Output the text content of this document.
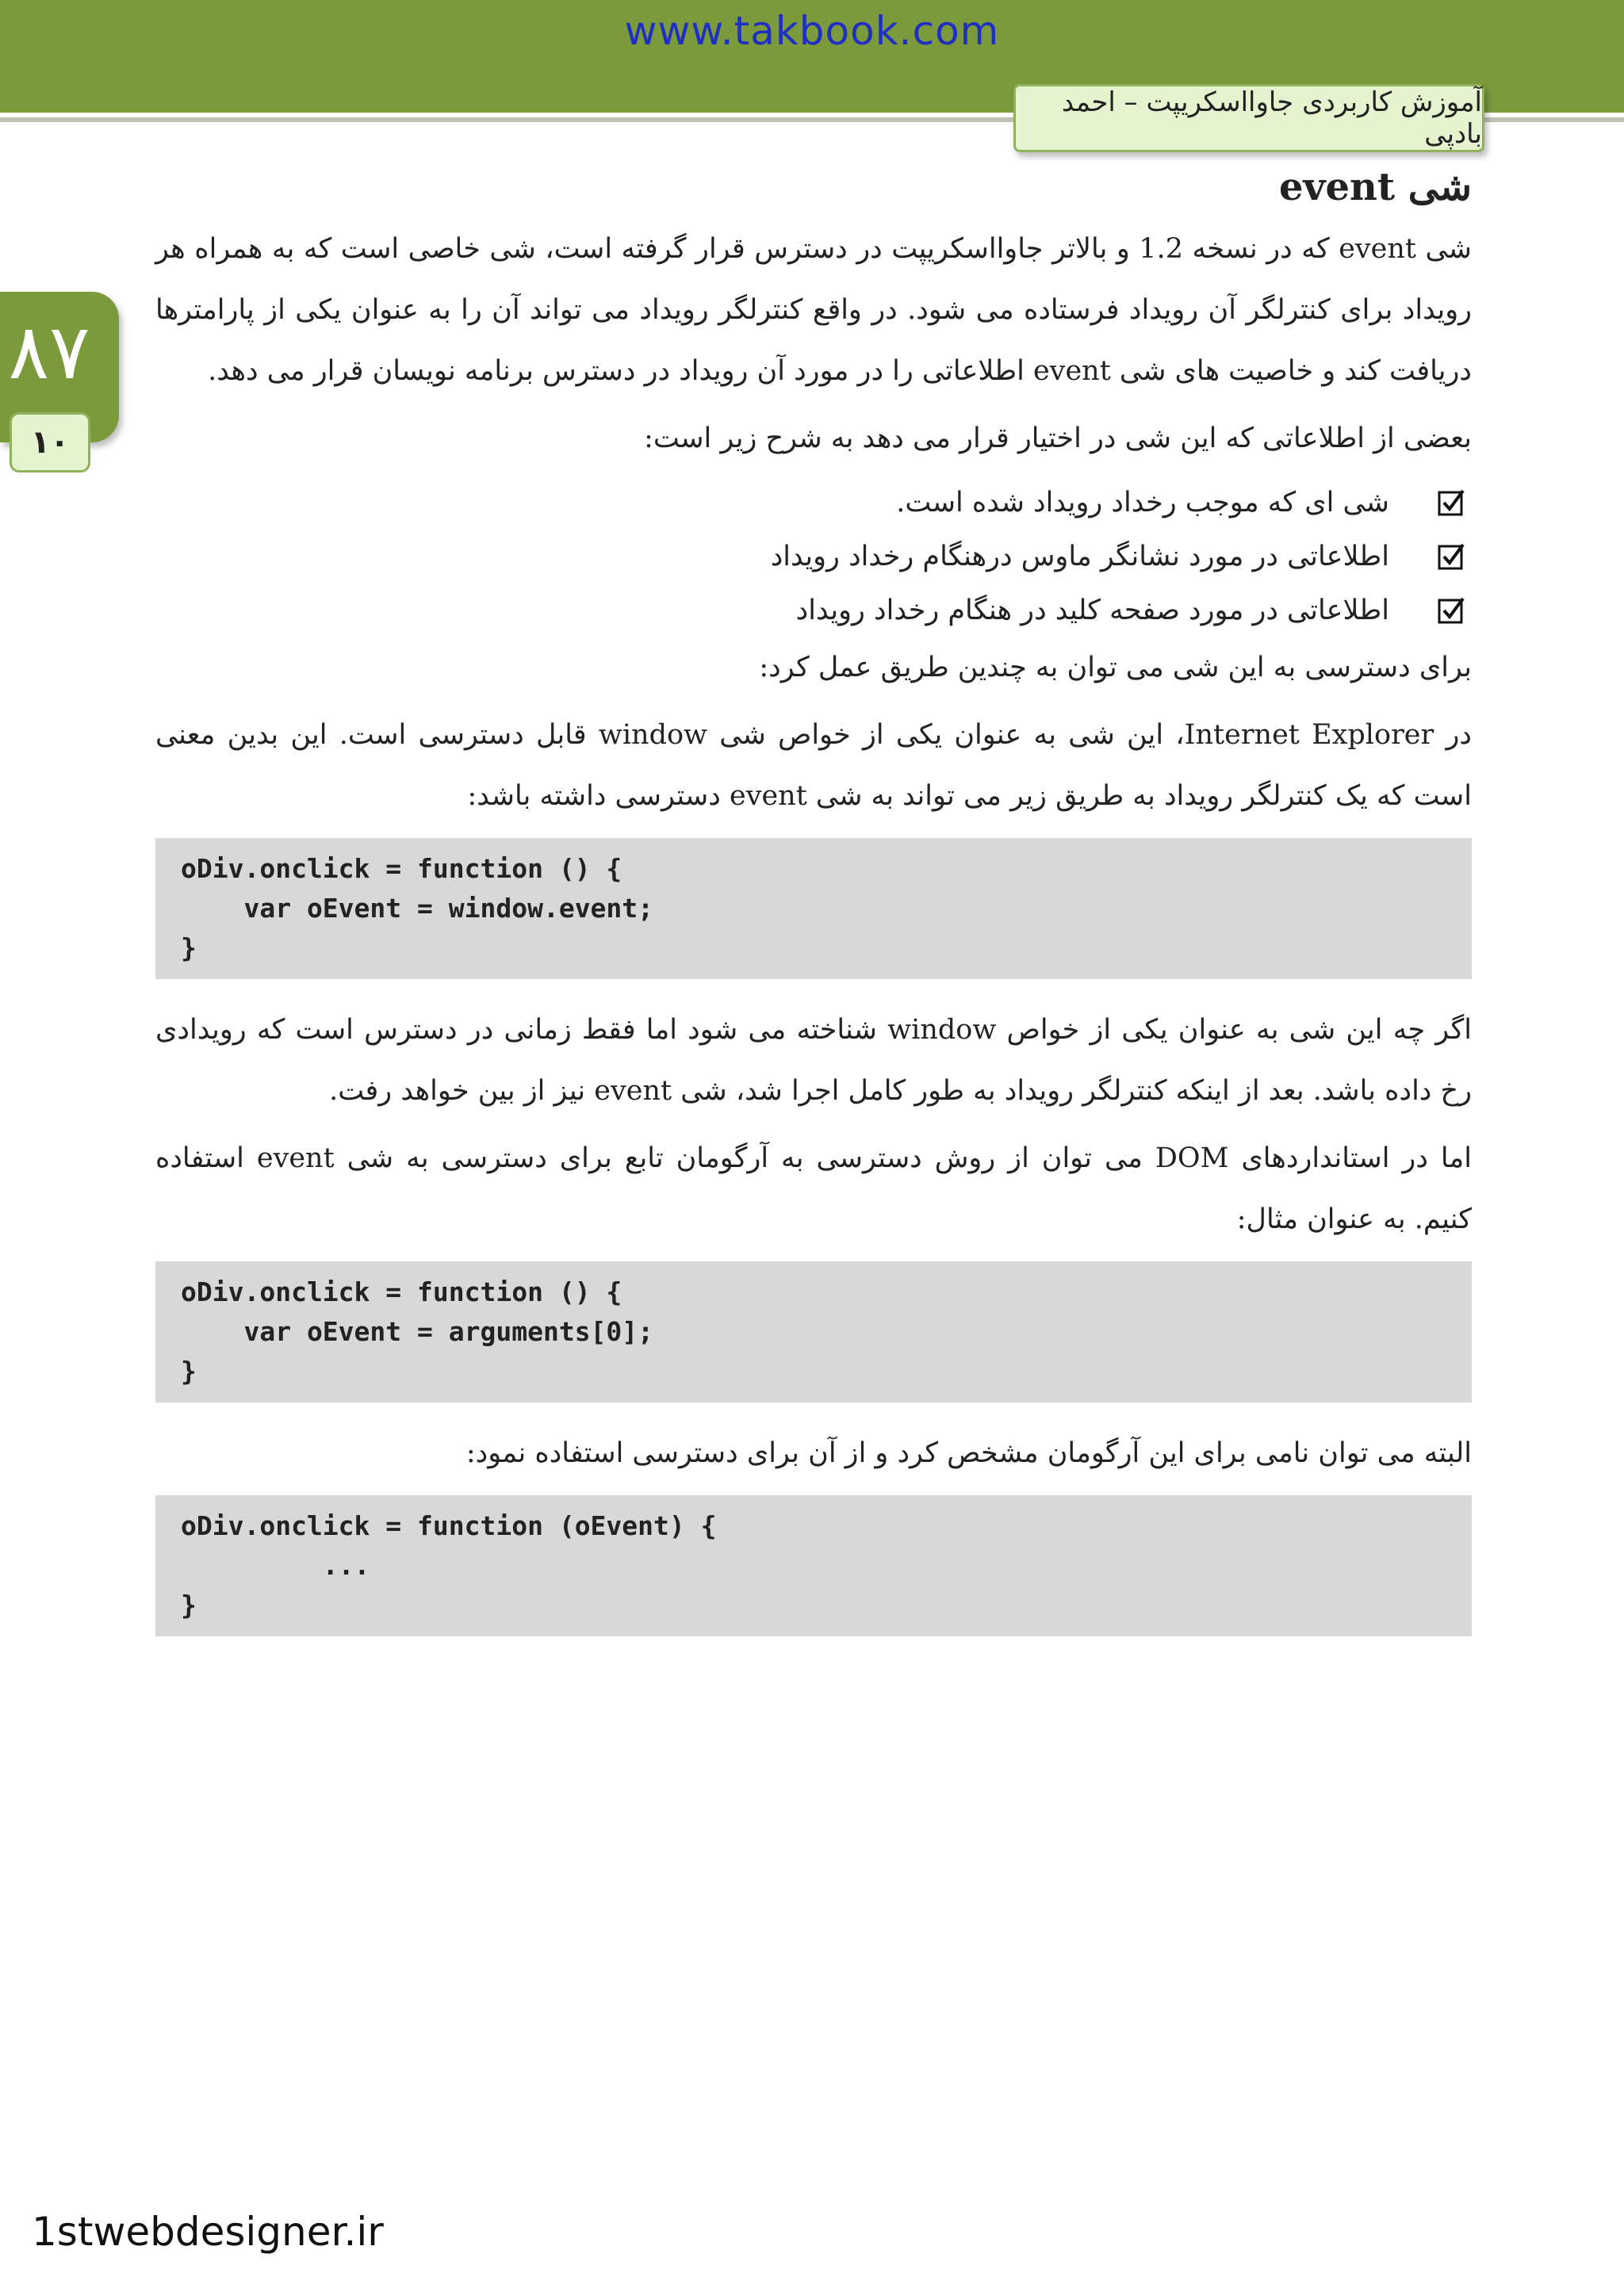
www.takbook.com
آموزش کاربردی جاوااسکریپت – احمد بادپی
۸۷
۱۰
شی event

شی event که در نسخه 1.2 و بالاتر جاوااسکریپت در دسترس قرار گرفته است، شی خاصی است که به همراه هر رویداد برای کنترلگر آن رویداد فرستاده می شود. در واقع کنترلگر رویداد می تواند آن را به عنوان یکی از پارامترها دریافت کند و خاصیت های شی event اطلاعاتی را در مورد آن رویداد در دسترس برنامه نویسان قرار می دهد.

بعضی از اطلاعاتی که این شی در اختیار قرار می دهد به شرح زیر است:

شی ای که موجب رخداد رویداد شده است.
اطلاعاتی در مورد نشانگر ماوس درهنگام رخداد رویداد
اطلاعاتی در مورد صفحه کلید در هنگام رخداد رویداد

برای دسترسی به این شی می توان به چندین طریق عمل کرد:

در Internet Explorer، این شی به عنوان یکی از خواص شی window قابل دسترسی است. این بدین معنی است که یک کنترلگر رویداد به طریق زیر می تواند به شی event دسترسی داشته باشد:

oDiv.onclick = function () {
var oEvent = window.event;
}

اگر چه این شی به عنوان یکی از خواص window شناخته می شود اما فقط زمانی در دسترس است که رویدادی رخ داده باشد. بعد از اینکه کنترلگر رویداد به طور کامل اجرا شد، شی event نیز از بین خواهد رفت.

اما در استانداردهای DOM می توان از روش دسترسی به آرگومان تابع برای دسترسی به شی event استفاده کنیم. به عنوان مثال:

oDiv.onclick = function () {
var oEvent = arguments[0];
}

البته می توان نامی برای این آرگومان مشخص کرد و از آن برای دسترسی استفاده نمود:

oDiv.onclick = function (oEvent) {
...
}
1stwebdesigner.ir
